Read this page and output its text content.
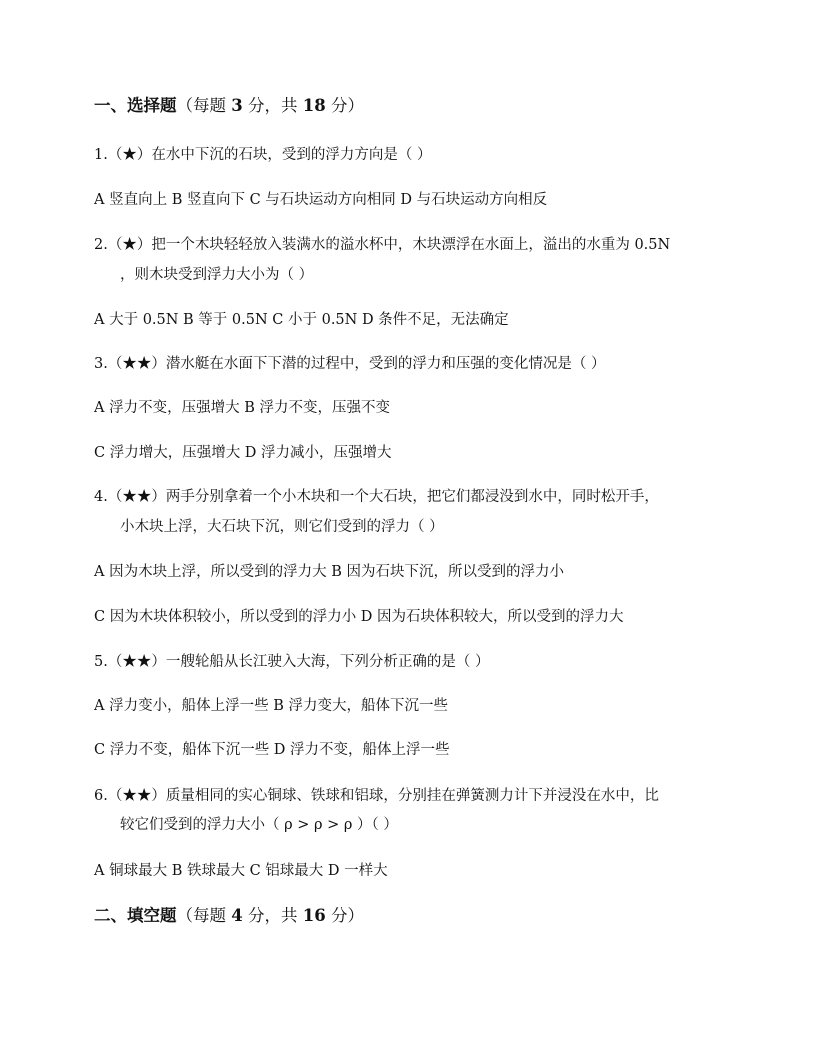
一、选择题（每题 3 分，共 18 分）
1.（★）在水中下沉的石块，受到的浮力方向是（ ）
A 竖直向上 B 竖直向下 C 与石块运动方向相同 D 与石块运动方向相反
2.（★）把一个木块轻轻放入装满水的溢水杯中，木块漂浮在水面上，溢出的水重为 0.5N
，则木块受到浮力大小为（ ）
A 大于 0.5N B 等于 0.5N C 小于 0.5N D 条件不足，无法确定
3.（★★）潜水艇在水面下下潜的过程中，受到的浮力和压强的变化情况是（ ）
A 浮力不变，压强增大 B 浮力不变，压强不变
C 浮力增大，压强增大 D 浮力减小，压强增大
4.（★★）两手分别拿着一个小木块和一个大石块，把它们都浸没到水中，同时松开手，
小木块上浮，大石块下沉，则它们受到的浮力（ ）
A 因为木块上浮，所以受到的浮力大 B 因为石块下沉，所以受到的浮力小
C 因为木块体积较小，所以受到的浮力小 D 因为石块体积较大，所以受到的浮力大
5.（★★）一艘轮船从长江驶入大海，下列分析正确的是（ ）
A 浮力变小，船体上浮一些 B 浮力变大，船体下沉一些
C 浮力不变，船体下沉一些 D 浮力不变，船体上浮一些
6.（★★）质量相同的实心铜球、铁球和铝球，分别挂在弹簧测力计下并浸没在水中，比
较它们受到的浮力大小（ ρ > ρ > ρ ）（ ）
A 铜球最大 B 铁球最大 C 铝球最大 D 一样大
二、填空题（每题 4 分，共 16 分）
